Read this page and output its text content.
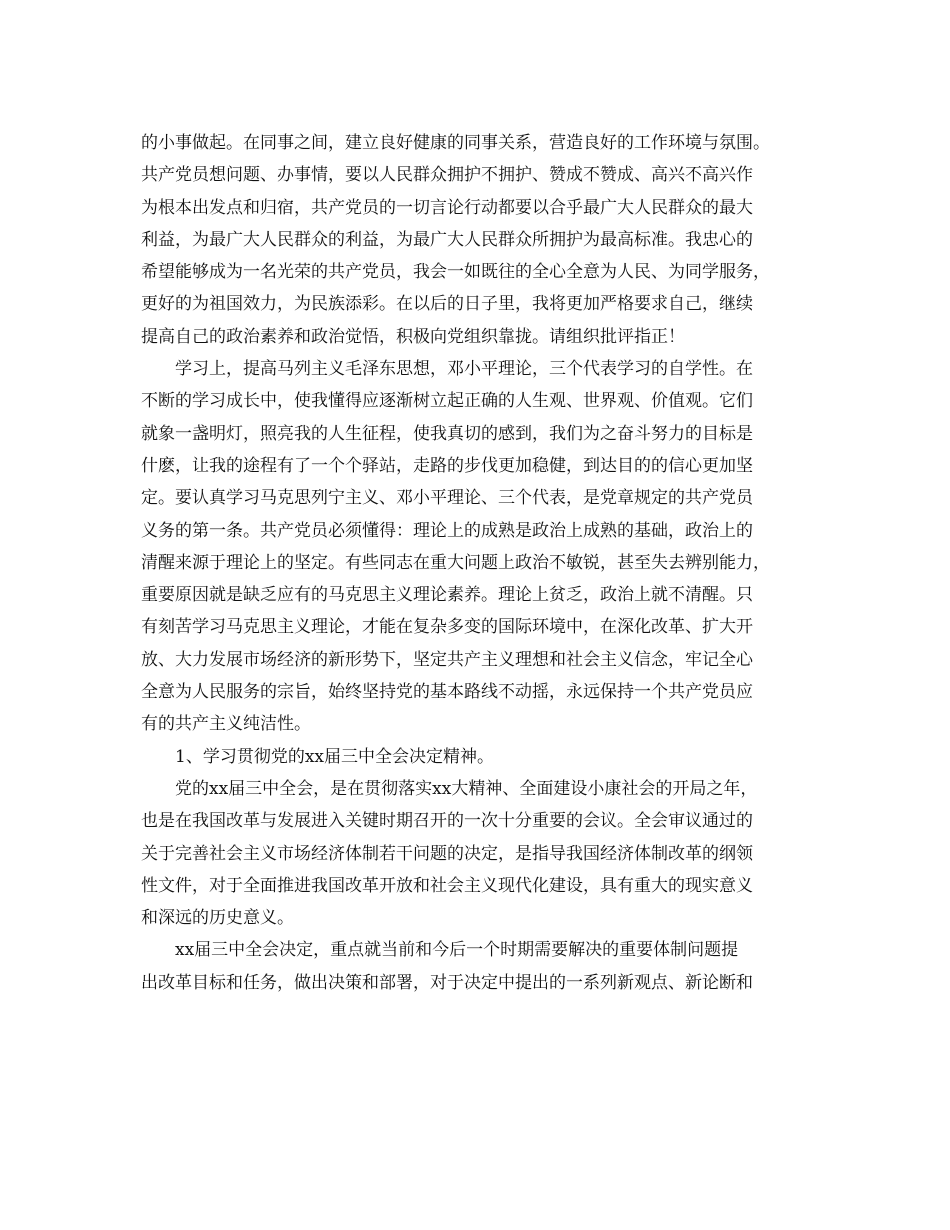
的小事做起。在同事之间，建立良好健康的同事关系，营造良好的工作环境与氛围。
共产党员想问题、办事情，要以人民群众拥护不拥护、赞成不赞成、高兴不高兴作
为根本出发点和归宿，共产党员的一切言论行动都要以合乎最广大人民群众的最大
利益，为最广大人民群众的利益，为最广大人民群众所拥护为最高标准。我忠心的
希望能够成为一名光荣的共产党员，我会一如既往的全心全意为人民、为同学服务，
更好的为祖国效力，为民族添彩。在以后的日子里，我将更加严格要求自己，继续
提高自己的政治素养和政治觉悟，积极向党组织靠拢。请组织批评指正！
　　学习上，提高马列主义毛泽东思想，邓小平理论，三个代表学习的自学性。在
不断的学习成长中，使我懂得应逐渐树立起正确的人生观、世界观、价值观。它们
就象一盏明灯，照亮我的人生征程，使我真切的感到，我们为之奋斗努力的目标是
什麽，让我的途程有了一个个驿站，走路的步伐更加稳健，到达目的的信心更加坚
定。要认真学习马克思列宁主义、邓小平理论、三个代表，是党章规定的共产党员
义务的第一条。共产党员必须懂得：理论上的成熟是政治上成熟的基础，政治上的
清醒来源于理论上的坚定。有些同志在重大问题上政治不敏锐，甚至失去辨别能力，
重要原因就是缺乏应有的马克思主义理论素养。理论上贫乏，政治上就不清醒。只
有刻苦学习马克思主义理论，才能在复杂多变的国际环境中，在深化改革、扩大开
放、大力发展市场经济的新形势下，坚定共产主义理想和社会主义信念，牢记全心
全意为人民服务的宗旨，始终坚持党的基本路线不动摇，永远保持一个共产党员应
有的共产主义纯洁性。
　　1、学习贯彻党的xx届三中全会决定精神。
　　党的xx届三中全会，是在贯彻落实xx大精神、全面建设小康社会的开局之年，
也是在我国改革与发展进入关键时期召开的一次十分重要的会议。全会审议通过的
关于完善社会主义市场经济体制若干问题的决定，是指导我国经济体制改革的纲领
性文件，对于全面推进我国改革开放和社会主义现代化建设，具有重大的现实意义
和深远的历史意义。
　　xx届三中全会决定，重点就当前和今后一个时期需要解决的重要体制问题提
出改革目标和任务，做出决策和部署，对于决定中提出的一系列新观点、新论断和
